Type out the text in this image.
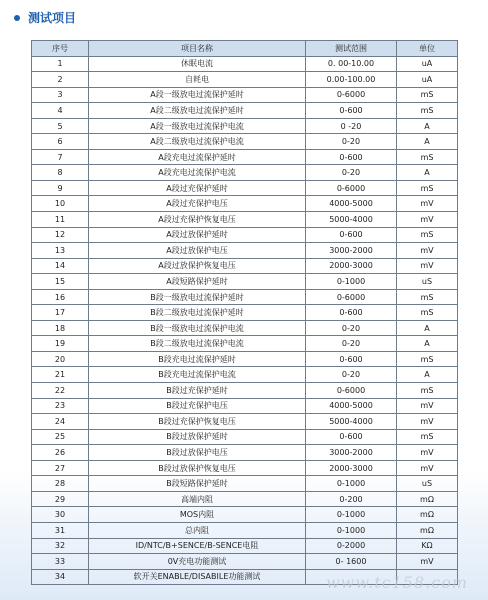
测试项目
序号	项目名称	测试范围	单位
1	休眠电流	0. 00-10.00	uA
2	自耗电	0.00-100.00	uA
3	A段一级放电过流保护延时	0-6000	mS
4	A段二级放电过流保护延时	0-600	mS
5	A段一级放电过流保护电流	0 -20	A
6	A段二级放电过流保护电流	0-20	A
7	A段充电过流保护延时	0-600	mS
8	A段充电过流保护电流	0-20	A
9	A段过充保护延时	0-6000	mS
10	A段过充保护电压	4000-5000	mV
11	A段过充保护恢复电压	5000-4000	mV
12	A段过放保护延时	0-600	mS
13	A段过放保护电压	3000-2000	mV
14	A段过放保护恢复电压	2000-3000	mV
15	A段短路保护延时	0-1000	uS
16	B段一级放电过流保护延时	0-6000	mS
17	B段二级放电过流保护延时	0-600	mS
18	B段一级放电过流保护电流	0-20	A
19	B段二级放电过流保护电流	0-20	A
20	B段充电过流保护延时	0-600	mS
21	B段充电过流保护电流	0-20	A
22	B段过充保护延时	0-6000	mS
23	B段过充保护电压	4000-5000	mV
24	B段过充保护恢复电压	5000-4000	mV
25	B段过放保护延时	0-600	mS
26	B段过放保护电压	3000-2000	mV
27	B段过放保护恢复电压	2000-3000	mV
28	B段短路保护延时	0-1000	uS
29	高端内阻	0-200	mΩ
30	MOS内阻	0-1000	mΩ
31	总内阻	0-1000	mΩ
32	ID/NTC/B+SENCE/B-SENCE电阻	0-2000	KΩ
33	0V充电功能测试	0- 1600	mV
34	软开关ENABLE/DISABILE功能测试			www.tc158.com
